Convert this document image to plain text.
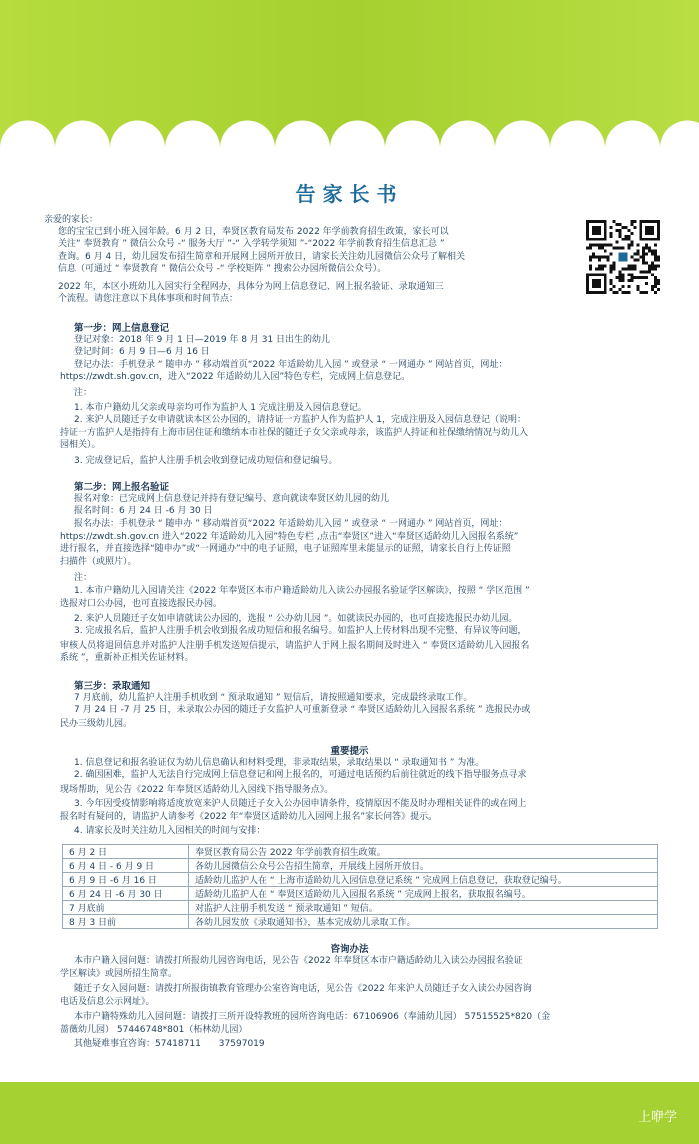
告家长书
亲爱的家长：
您的宝宝已到小班入园年龄。6 月 2 日，奉贤区教育局发布 2022 年学前教育招生政策，家长可以
关注“ 奉贤教育 ” 微信公众号 -“ 服务大厅 ”-“ 入学转学须知 ”-“2022 年学前教育招生信息汇总 ”
查询。6 月 4 日，幼儿园发布招生简章和开展网上园所开放日，请家长关注幼儿园微信公众号了解相关
信息（可通过 “ 奉贤教育 ” 微信公众号 -“ 学校矩阵 ” 搜索公办园所微信公众号）。
2022 年，本区小班幼儿入园实行全程网办，具体分为网上信息登记、网上报名验证、录取通知三
个流程。请您注意以下具体事项和时间节点：
第一步：网上信息登记
登记对象：2018 年 9 月 1 日—2019 年 8 月 31 日出生的幼儿
登记时间：6 月 9 日—6 月 16 日
登记办法：手机登录 “ 随申办 ” 移动端首页“2022 年适龄幼儿入园 ” 或登录 “ 一网通办 ” 网站首页，网址：
https://zwdt.sh.gov.cn，进入“2022 年适龄幼儿入园”特色专栏，完成网上信息登记。
注：
1. 本市户籍幼儿父亲或母亲均可作为监护人 1 完成注册及入园信息登记。
2. 来沪人员随迁子女申请就读本区公办园的，请持证一方监护人作为监护人 1，完成注册及入园信息登记（说明：
持证一方监护人是指持有上海市居住证和缴纳本市社保的随迁子女父亲或母亲，该监护人持证和社保缴纳情况与幼儿入
园相关）。
3. 完成登记后，监护人注册手机会收到登记成功短信和登记编号。
第二步：网上报名验证
报名对象：已完成网上信息登记并持有登记编号、意向就读奉贤区幼儿园的幼儿
报名时间：6 月 24 日 -6 月 30 日
报名办法：手机登录 “ 随申办 ” 移动端首页“2022 年适龄幼儿入园 ” 或登录 “ 一网通办 ” 网站首页，网址：
https://zwdt.sh.gov.cn 进入“2022 年适龄幼儿入园”特色专栏 ,点击“奉贤区”进入“奉贤区适龄幼儿入园报名系统”
进行报名，并直接选择“随申办”或“一网通办”中的电子证照，电子证照库里未能显示的证照，请家长自行上传证照
扫描件（或照片）。
注：
1. 本市户籍幼儿入园请关注《2022 年奉贤区本市户籍适龄幼儿入读公办园报名验证学区解读》，按照 “ 学区范围 ”
选报对口公办园，也可直接选报民办园。
2. 来沪人员随迁子女如申请就读公办园的，选报 “ 公办幼儿园 ”。如就读民办园的，也可直接选报民办幼儿园。
3. 完成报名后，监护人注册手机会收到报名成功短信和报名编号。如监护人上传材料出现不完整、有异议等问题，
审核人员将退回信息并对监护人注册手机发送短信提示，请监护人于网上报名期间及时进入 “ 奉贤区适龄幼儿入园报名
系统 ”，重新补正相关佐证材料。
第三步：录取通知
7 月底前，幼儿监护人注册手机收到 “ 预录取通知 ” 短信后，请按照通知要求，完成最终录取工作。
7 月 24 日 -7 月 25 日，未录取公办园的随迁子女监护人可重新登录 “ 奉贤区适龄幼儿入园报名系统 ” 选报民办或
民办三级幼儿园。
重要提示
1. 信息登记和报名验证仅为幼儿信息确认和材料受理，非录取结果，录取结果以 “ 录取通知书 ” 为准。
2. 确因困难，监护人无法自行完成网上信息登记和网上报名的，可通过电话预约后前往就近的线下指导服务点寻求
现场帮助，见公告《2022 年奉贤区适龄幼儿入园线下指导服务点》。
3. 今年因受疫情影响将适度放宽来沪人员随迁子女入公办园申请条件，疫情原因不能及时办理相关证件的或在网上
报名时有疑问的，请监护人请参考《2022 年“奉贤区适龄幼儿入园网上报名”家长问答》提示。
4. 请家长及时关注幼儿入园相关的时间与安排：
6 月 2 日	奉贤区教育局公告 2022 年学前教育招生政策。
6 月 4 日 - 6 月 9 日	各幼儿园微信公众号公告招生简章，开展线上园所开放日。
6 月 9 日 -6 月 16 日	适龄幼儿监护人在 “ 上海市适龄幼儿入园信息登记系统 ” 完成网上信息登记，获取登记编号。
6 月 24 日 -6 月 30 日	适龄幼儿监护人在 “ 奉贤区适龄幼儿入园报名系统 ” 完成网上报名，获取报名编号。
7 月底前	对监护人注册手机发送 “ 预录取通知 ” 短信。
8 月 3 日前	各幼儿园发放《录取通知书》，基本完成幼儿录取工作。
咨询办法
本市户籍入园问题：请拨打所报幼儿园咨询电话，见公告《2022 年奉贤区本市户籍适龄幼儿入读公办园报名验证
学区解读》或园所招生简章。
随迁子女入园问题：请拨打所报街镇教育管理办公室咨询电话，见公告《2022 年来沪人员随迁子女入读公办园咨询
电话及信息公示网址》。
本市户籍特殊幼儿入园问题：请拨打三所开设特教班的园所咨询电话：67106906（奉浦幼儿园） 57515525*820（金
蔷薇幼儿园） 57446748*801（柘林幼儿园）
其他疑难事宜咨询：57418711　　37597019
上咿学
